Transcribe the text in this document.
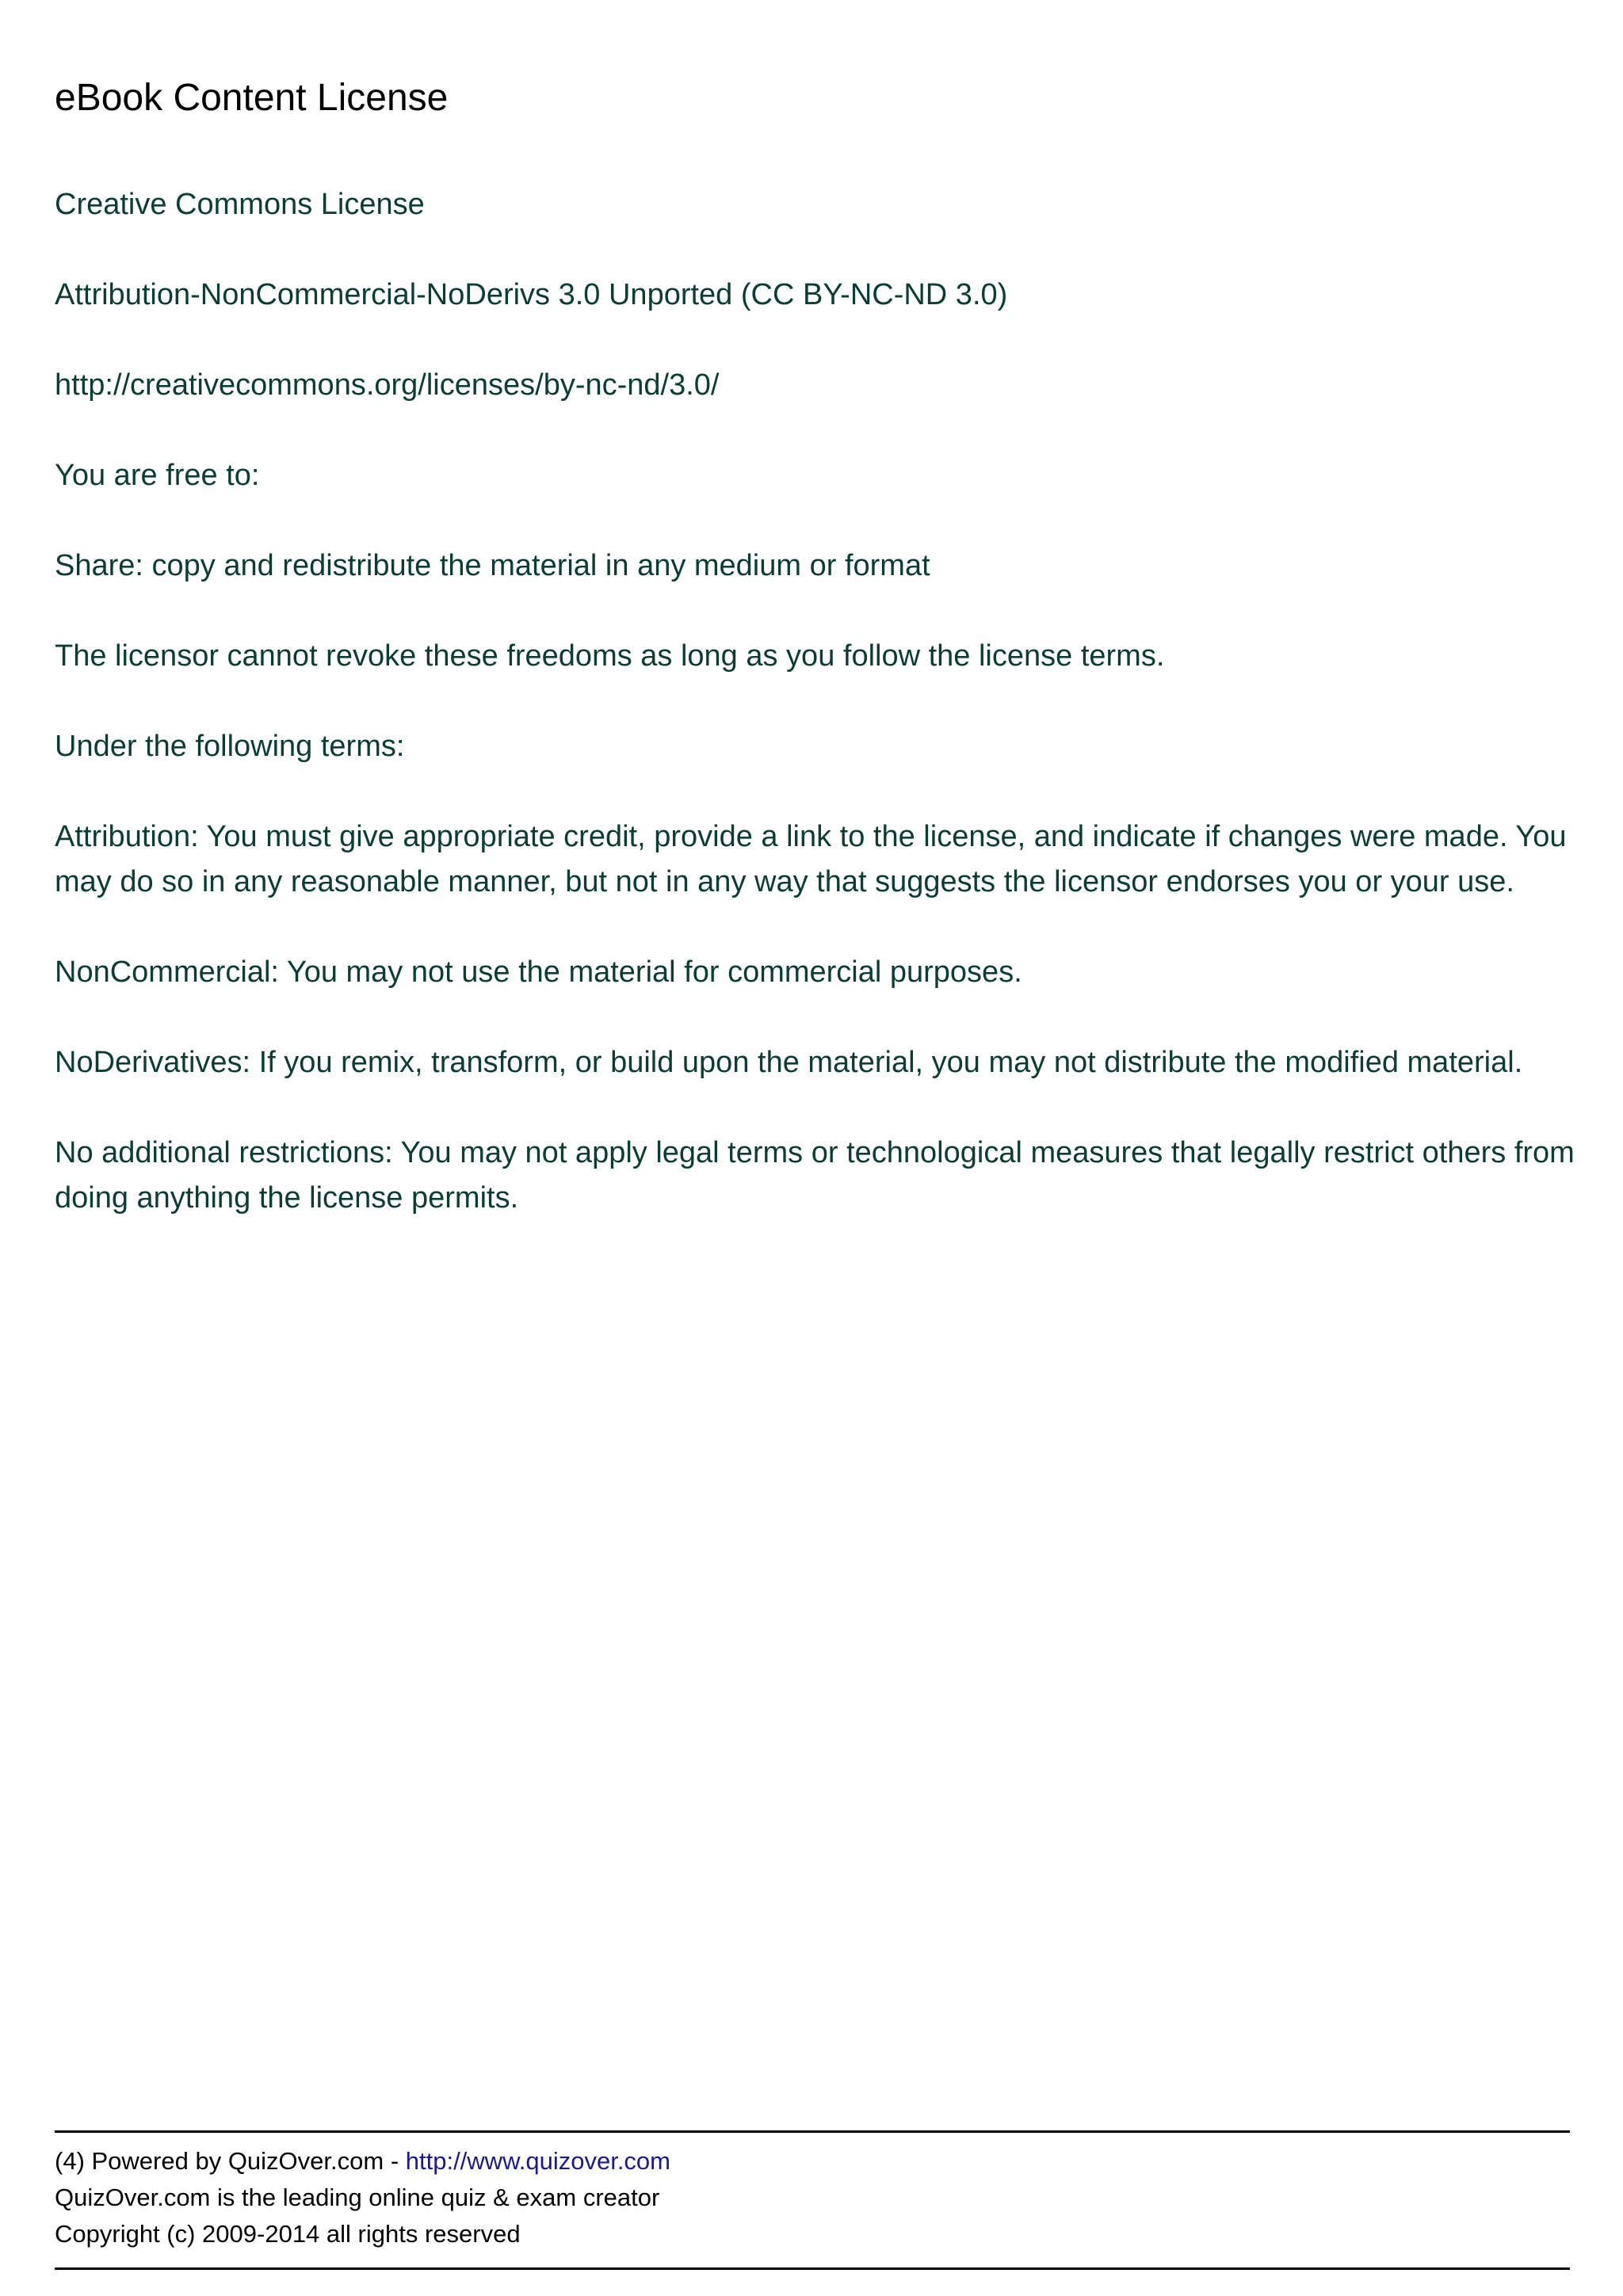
eBook Content License

Creative Commons License

Attribution-NonCommercial-NoDerivs 3.0 Unported (CC BY-NC-ND 3.0)

http://creativecommons.org/licenses/by-nc-nd/3.0/

You are free to:

Share: copy and redistribute the material in any medium or format

The licensor cannot revoke these freedoms as long as you follow the license terms.

Under the following terms:

Attribution: You must give appropriate credit, provide a link to the license, and indicate if changes were made. You may do so in any reasonable manner, but not in any way that suggests the licensor endorses you or your use.

NonCommercial: You may not use the material for commercial purposes.

NoDerivatives: If you remix, transform, or build upon the material, you may not distribute the modified material.

No additional restrictions: You may not apply legal terms or technological measures that legally restrict others from doing anything the license permits.

(4) Powered by QuizOver.com - http://www.quizover.com
QuizOver.com is the leading online quiz & exam creator
Copyright (c) 2009-2014 all rights reserved
